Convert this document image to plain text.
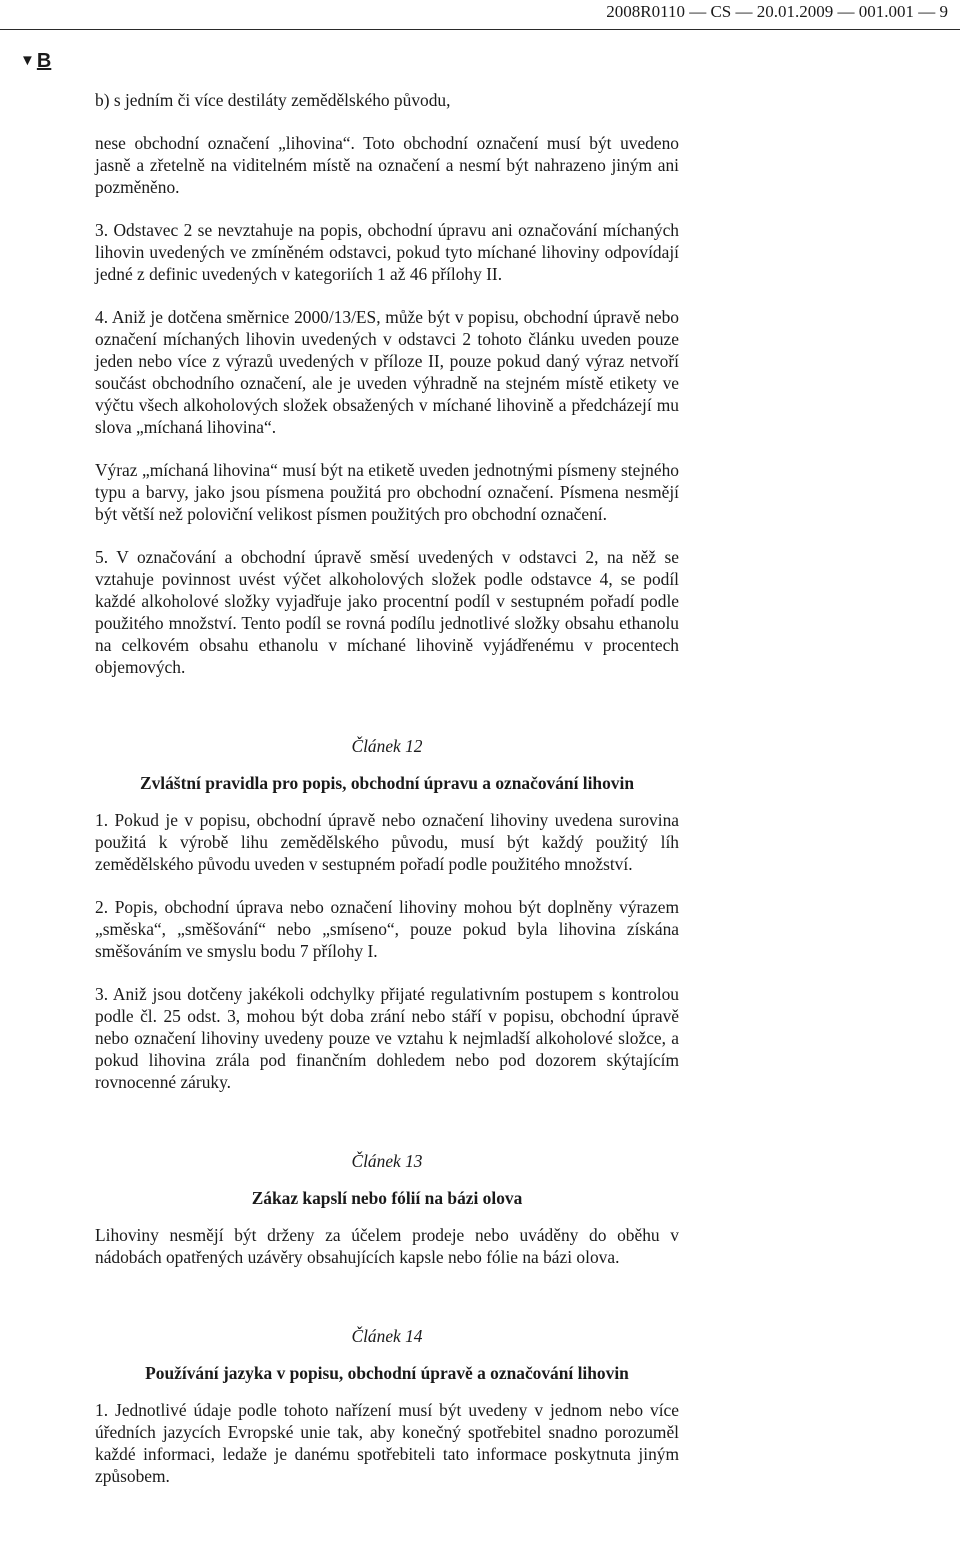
2008R0110 — CS — 20.01.2009 — 001.001 — 9
▼ B

b) s jedním či více destiláty zemědělského původu,

nese obchodní označení „lihovina“. Toto obchodní označení musí být uvedeno jasně a zřetelně na viditelném místě na označení a nesmí být nahrazeno jiným ani pozměněno.

3. Odstavec 2 se nevztahuje na popis, obchodní úpravu ani označování míchaných lihovin uvedených ve zmíněném odstavci, pokud tyto míchané lihoviny odpovídají jedné z definic uvedených v kategoriích 1 až 46 přílohy II.

4. Aniž je dotčena směrnice 2000/13/ES, může být v popisu, obchodní úpravě nebo označení míchaných lihovin uvedených v odstavci 2 tohoto článku uveden pouze jeden nebo více z výrazů uvedených v příloze II, pouze pokud daný výraz netvoří součást obchodního označení, ale je uveden výhradně na stejném místě etikety ve výčtu všech alkoholových složek obsažených v míchané lihovině a předcházejí mu slova „míchaná lihovina“.

Výraz „míchaná lihovina“ musí být na etiketě uveden jednotnými písmeny stejného typu a barvy, jako jsou písmena použitá pro obchodní označení. Písmena nesmějí být větší než poloviční velikost písmen použitých pro obchodní označení.

5. V označování a obchodní úpravě směsí uvedených v odstavci 2, na něž se vztahuje povinnost uvést výčet alkoholových složek podle odstavce 4, se podíl každé alkoholové složky vyjadřuje jako procentní podíl v sestupném pořadí podle použitého množství. Tento podíl se rovná podílu jednotlivé složky obsahu ethanolu na celkovém obsahu ethanolu v míchané lihovině vyjádřenému v procentech objemových.

Článek 12

Zvláštní pravidla pro popis, obchodní úpravu a označování lihovin

1. Pokud je v popisu, obchodní úpravě nebo označení lihoviny uvedena surovina použitá k výrobě lihu zemědělského původu, musí být každý použitý líh zemědělského původu uveden v sestupném pořadí podle použitého množství.

2. Popis, obchodní úprava nebo označení lihoviny mohou být doplněny výrazem „směska“, „směšování“ nebo „smíseno“, pouze pokud byla lihovina získána směšováním ve smyslu bodu 7 přílohy I.

3. Aniž jsou dotčeny jakékoli odchylky přijaté regulativním postupem s kontrolou podle čl. 25 odst. 3, mohou být doba zrání nebo stáří v popisu, obchodní úpravě nebo označení lihoviny uvedeny pouze ve vztahu k nejmladší alkoholové složce, a pokud lihovina zrála pod finančním dohledem nebo pod dozorem skýtajícím rovnocenné záruky.

Článek 13

Zákaz kapslí nebo fólií na bázi olova

Lihoviny nesmějí být drženy za účelem prodeje nebo uváděny do oběhu v nádobách opatřených uzávěry obsahujících kapsle nebo fólie na bázi olova.

Článek 14

Používání jazyka v popisu, obchodní úpravě a označování lihovin

1. Jednotlivé údaje podle tohoto nařízení musí být uvedeny v jednom nebo více úředních jazycích Evropské unie tak, aby konečný spotřebitel snadno porozuměl každé informaci, ledaže je danému spotřebiteli tato informace poskytnuta jiným způsobem.
